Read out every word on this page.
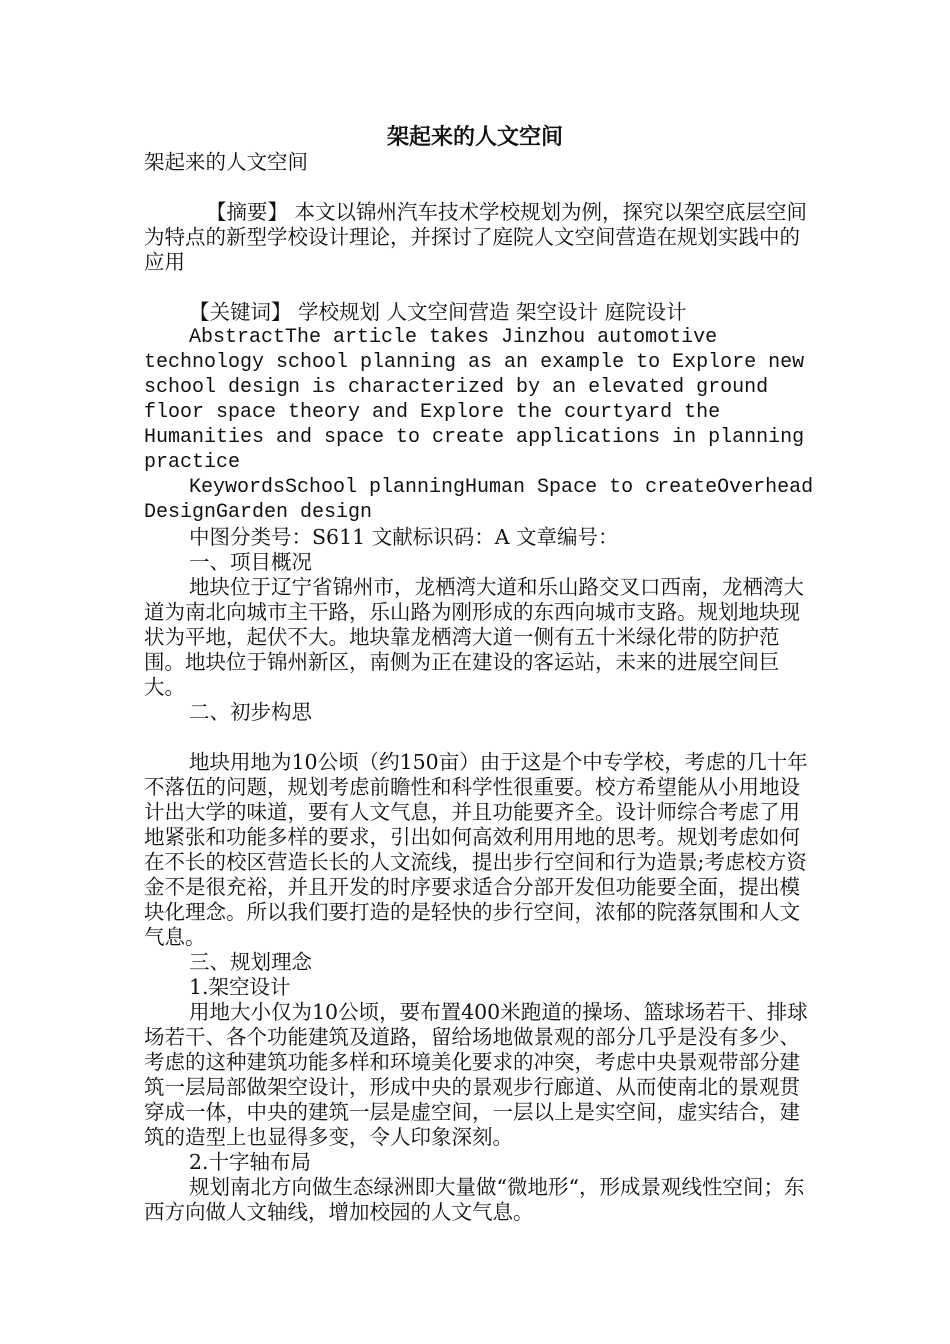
架起来的人文空间

架起来的人文空间

【摘要】 本文以锦州汽车技术学校规划为例，探究以架空底层空间为特点的新型学校设计理论，并探讨了庭院人文空间营造在规划实践中的应用

【关键词】 学校规划 人文空间营造 架空设计 庭院设计

AbstractThe article takes Jinzhou automotive technology school planning as an example to Explore new school design is characterized by an elevated ground floor space theory and Explore the courtyard the Humanities and space to create applications in planning practice

KeywordsSchool planningHuman Space to createOverhead DesignGarden design

中图分类号：S611 文献标识码：A 文章编号：

一、项目概况

地块位于辽宁省锦州市，龙栖湾大道和乐山路交叉口西南，龙栖湾大道为南北向城市主干路，乐山路为刚形成的东西向城市支路。规划地块现状为平地，起伏不大。地块靠龙栖湾大道一侧有五十米绿化带的防护范围。地块位于锦州新区，南侧为正在建设的客运站，未来的进展空间巨大。

二、初步构思

地块用地为10公顷（约150亩）由于这是个中专学校，考虑的几十年不落伍的问题，规划考虑前瞻性和科学性很重要。校方希望能从小用地设计出大学的味道，要有人文气息，并且功能要齐全。设计师综合考虑了用地紧张和功能多样的要求，引出如何高效利用用地的思考。规划考虑如何在不长的校区营造长长的人文流线，提出步行空间和行为造景;考虑校方资金不是很充裕，并且开发的时序要求适合分部开发但功能要全面，提出模块化理念。所以我们要打造的是轻快的步行空间，浓郁的院落氛围和人文气息。

三、规划理念

1.架空设计

用地大小仅为10公顷，要布置400米跑道的操场、篮球场若干、排球场若干、各个功能建筑及道路，留给场地做景观的部分几乎是没有多少、考虑的这种建筑功能多样和环境美化要求的冲突，考虑中央景观带部分建筑一层局部做架空设计，形成中央的景观步行廊道、从而使南北的景观贯穿成一体，中央的建筑一层是虚空间，一层以上是实空间，虚实结合，建筑的造型上也显得多变，令人印象深刻。

2.十字轴布局

规划南北方向做生态绿洲即大量做“微地形“，形成景观线性空间；东西方向做人文轴线，增加校园的人文气息。
